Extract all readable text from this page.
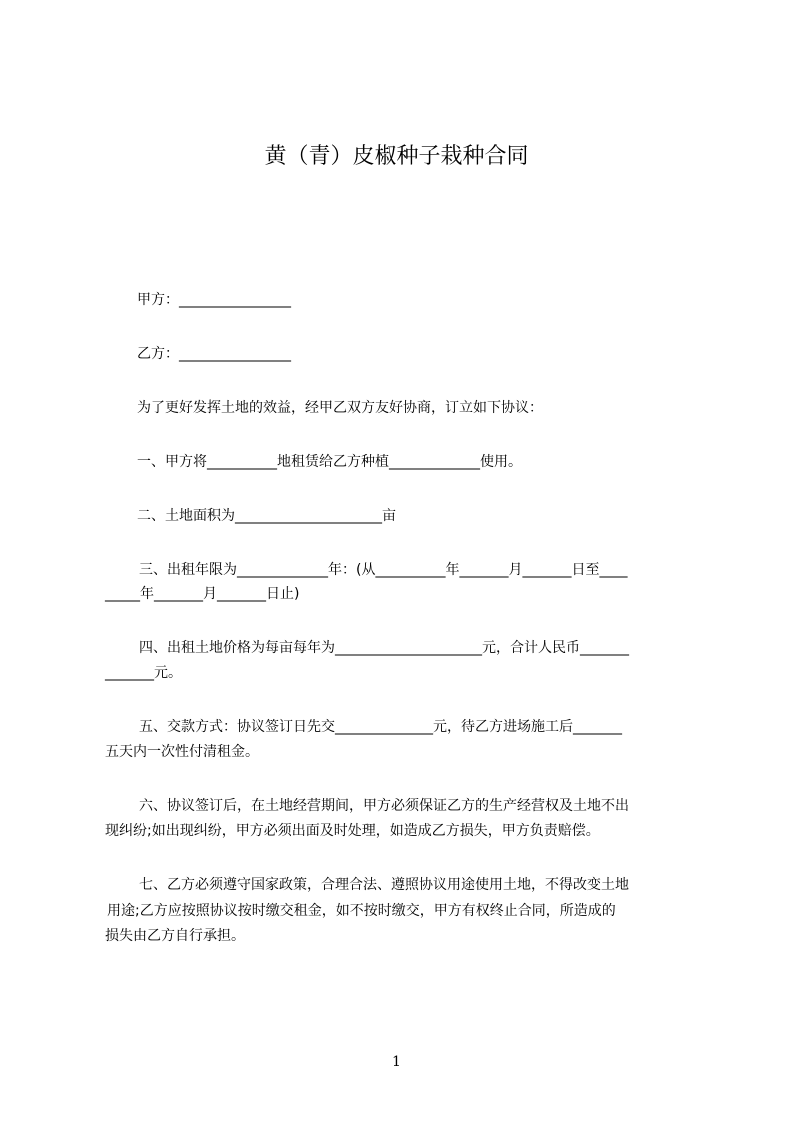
黄（青）皮椒种子栽种合同
甲方：________________
乙方：________________
为了更好发挥土地的效益，经甲乙双方友好协商，订立如下协议：
一、甲方将__________地租赁给乙方种植_____________使用。
二、土地面积为_____________________亩
三、出租年限为_____________年：(从__________年_______月_______日至____
_____年_______月_______日止)
四、出租土地价格为每亩每年为_____________________元，合计人民币_______
_______元。
五、交款方式：协议签订日先交______________元，待乙方进场施工后_______
五天内一次性付清租金。
六、协议签订后，在土地经营期间，甲方必须保证乙方的生产经营权及土地不出
现纠纷;如出现纠纷，甲方必须出面及时处理，如造成乙方损失，甲方负责赔偿。
七、乙方必须遵守国家政策，合理合法、遵照协议用途使用土地，不得改变土地
用途;乙方应按照协议按时缴交租金，如不按时缴交，甲方有权终止合同，所造成的
损失由乙方自行承担。
1
